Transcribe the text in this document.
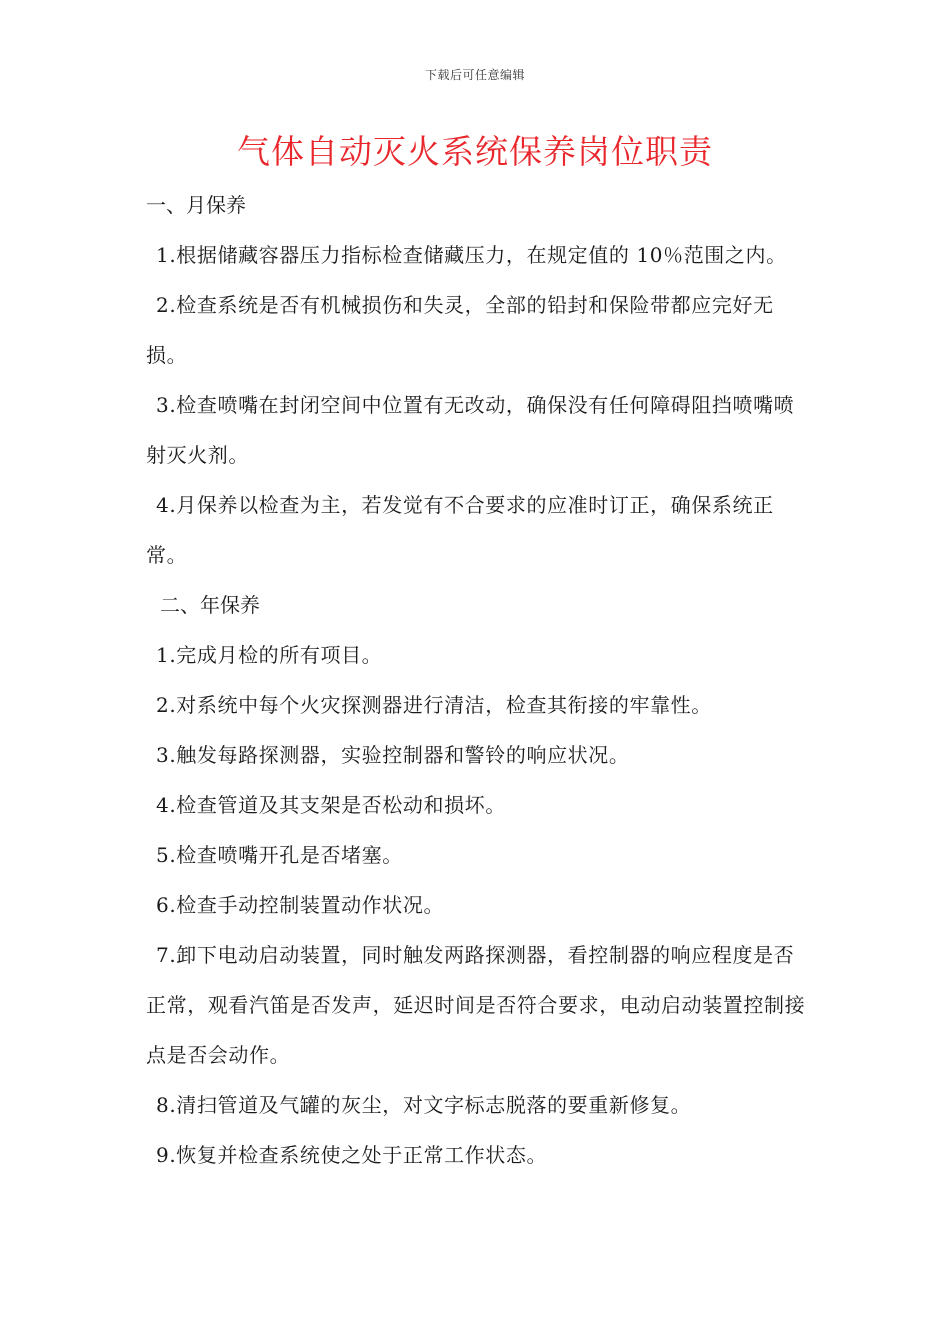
下载后可任意编辑
气体自动灭火系统保养岗位职责

一、月保养

1.根据储藏容器压力指标检查储藏压力，在规定值的 10％范围之内。

2.检查系统是否有机械损伤和失灵，全部的铅封和保险带都应完好无损。

3.检查喷嘴在封闭空间中位置有无改动，确保没有任何障碍阻挡喷嘴喷射灭火剂。

4.月保养以检查为主，若发觉有不合要求的应准时订正，确保系统正常。

二、年保养

1.完成月检的所有项目。

2.对系统中每个火灾探测器进行清洁，检查其衔接的牢靠性。

3.触发每路探测器，实验控制器和警铃的响应状况。

4.检查管道及其支架是否松动和损坏。

5.检查喷嘴开孔是否堵塞。

6.检查手动控制装置动作状况。

7.卸下电动启动装置，同时触发两路探测器，看控制器的响应程度是否正常，观看汽笛是否发声，延迟时间是否符合要求，电动启动装置控制接点是否会动作。

8.清扫管道及气罐的灰尘，对文字标志脱落的要重新修复。

9.恢复并检查系统使之处于正常工作状态。
